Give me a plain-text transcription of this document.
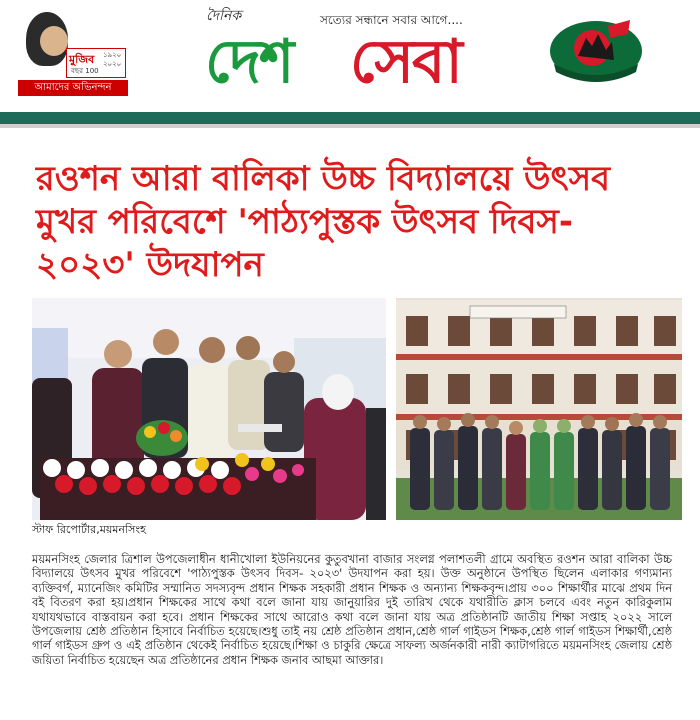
মুজিব ১৯২০ ২০২০
বছর 100
আমাদের অভিনন্দন
দৈনিক	সত্যের সন্ধানে সবার আগে....
দেশ সেবা
রওশন আরা বালিকা উচ্চ বিদ্যালয়ে উৎসব মুখর পরিবেশে 'পাঠ্যপুস্তক উৎসব দিবস- ২০২৩' উদযাপন
স্টাফ রিপোর্টার,ময়মনসিংহ

ময়মনসিংহ জেলার ত্রিশাল উপজেলাধীন ধানীখোলা ইউনিয়নের কুতুবখানা বাজার সংলগ্ন পলাশতলী গ্রামে অবস্থিত রওশন আরা বালিকা উচ্চ বিদ্যালয়ে উৎসব মুখর পরিবেশে 'পাঠ্যপুস্তক উৎসব দিবস- ২০২৩' উদযাপন করা হয়। উক্ত অনুষ্ঠানে উপস্থিত ছিলেন এলাকার গণ্যমান্য ব্যক্তিবর্গ, ম্যানেজিং কমিটির সম্মানিত সদস্যবৃন্দ প্রধান শিক্ষক সহকারী প্রধান শিক্ষক ও অন্যান্য শিক্ষকবৃন্দ।প্রায় ৩০০ শিক্ষার্থীর মাঝে প্রথম দিন বই বিতরণ করা হয়।প্রধান শিক্ষকের সাথে কথা বলে জানা যায় জানুয়ারির দুই তারিখ থেকে যথারীতি ক্লাস চলবে এবং নতুন কারিকুলাম যথাযথভাবে বাস্তবায়ন করা হবে। প্রধান শিক্ষকের সাথে আরোও কথা বলে জানা যায় অত্র প্রতিষ্ঠানটি জাতীয় শিক্ষা সপ্তাহ ২০২২ সালে উপজেলায় শ্রেষ্ঠ প্রতিষ্ঠান হিসাবে নির্বাচিত হয়েছে।শুধু তাই নয় শ্রেষ্ঠ প্রতিষ্ঠান প্রধান,শ্রেষ্ঠ গার্ল গাইডস শিক্ষক,শ্রেষ্ঠ গার্ল গাইডস শিক্ষার্থী,শ্রেষ্ঠ গার্ল গাইডস গ্রুপ ও এই প্রতিষ্ঠান থেকেই নির্বাচিত হয়েছে।শিক্ষা ও চাকুরি ক্ষেত্রে সাফল্য অর্জনকারী নারী ক্যাটাগরিতে ময়মনসিংহ জেলায় শ্রেষ্ঠ জয়িতা নির্বাচিত হয়েছেন অত্র প্রতিষ্ঠানের প্রধান শিক্ষক জনাব আছমা আক্তার।
